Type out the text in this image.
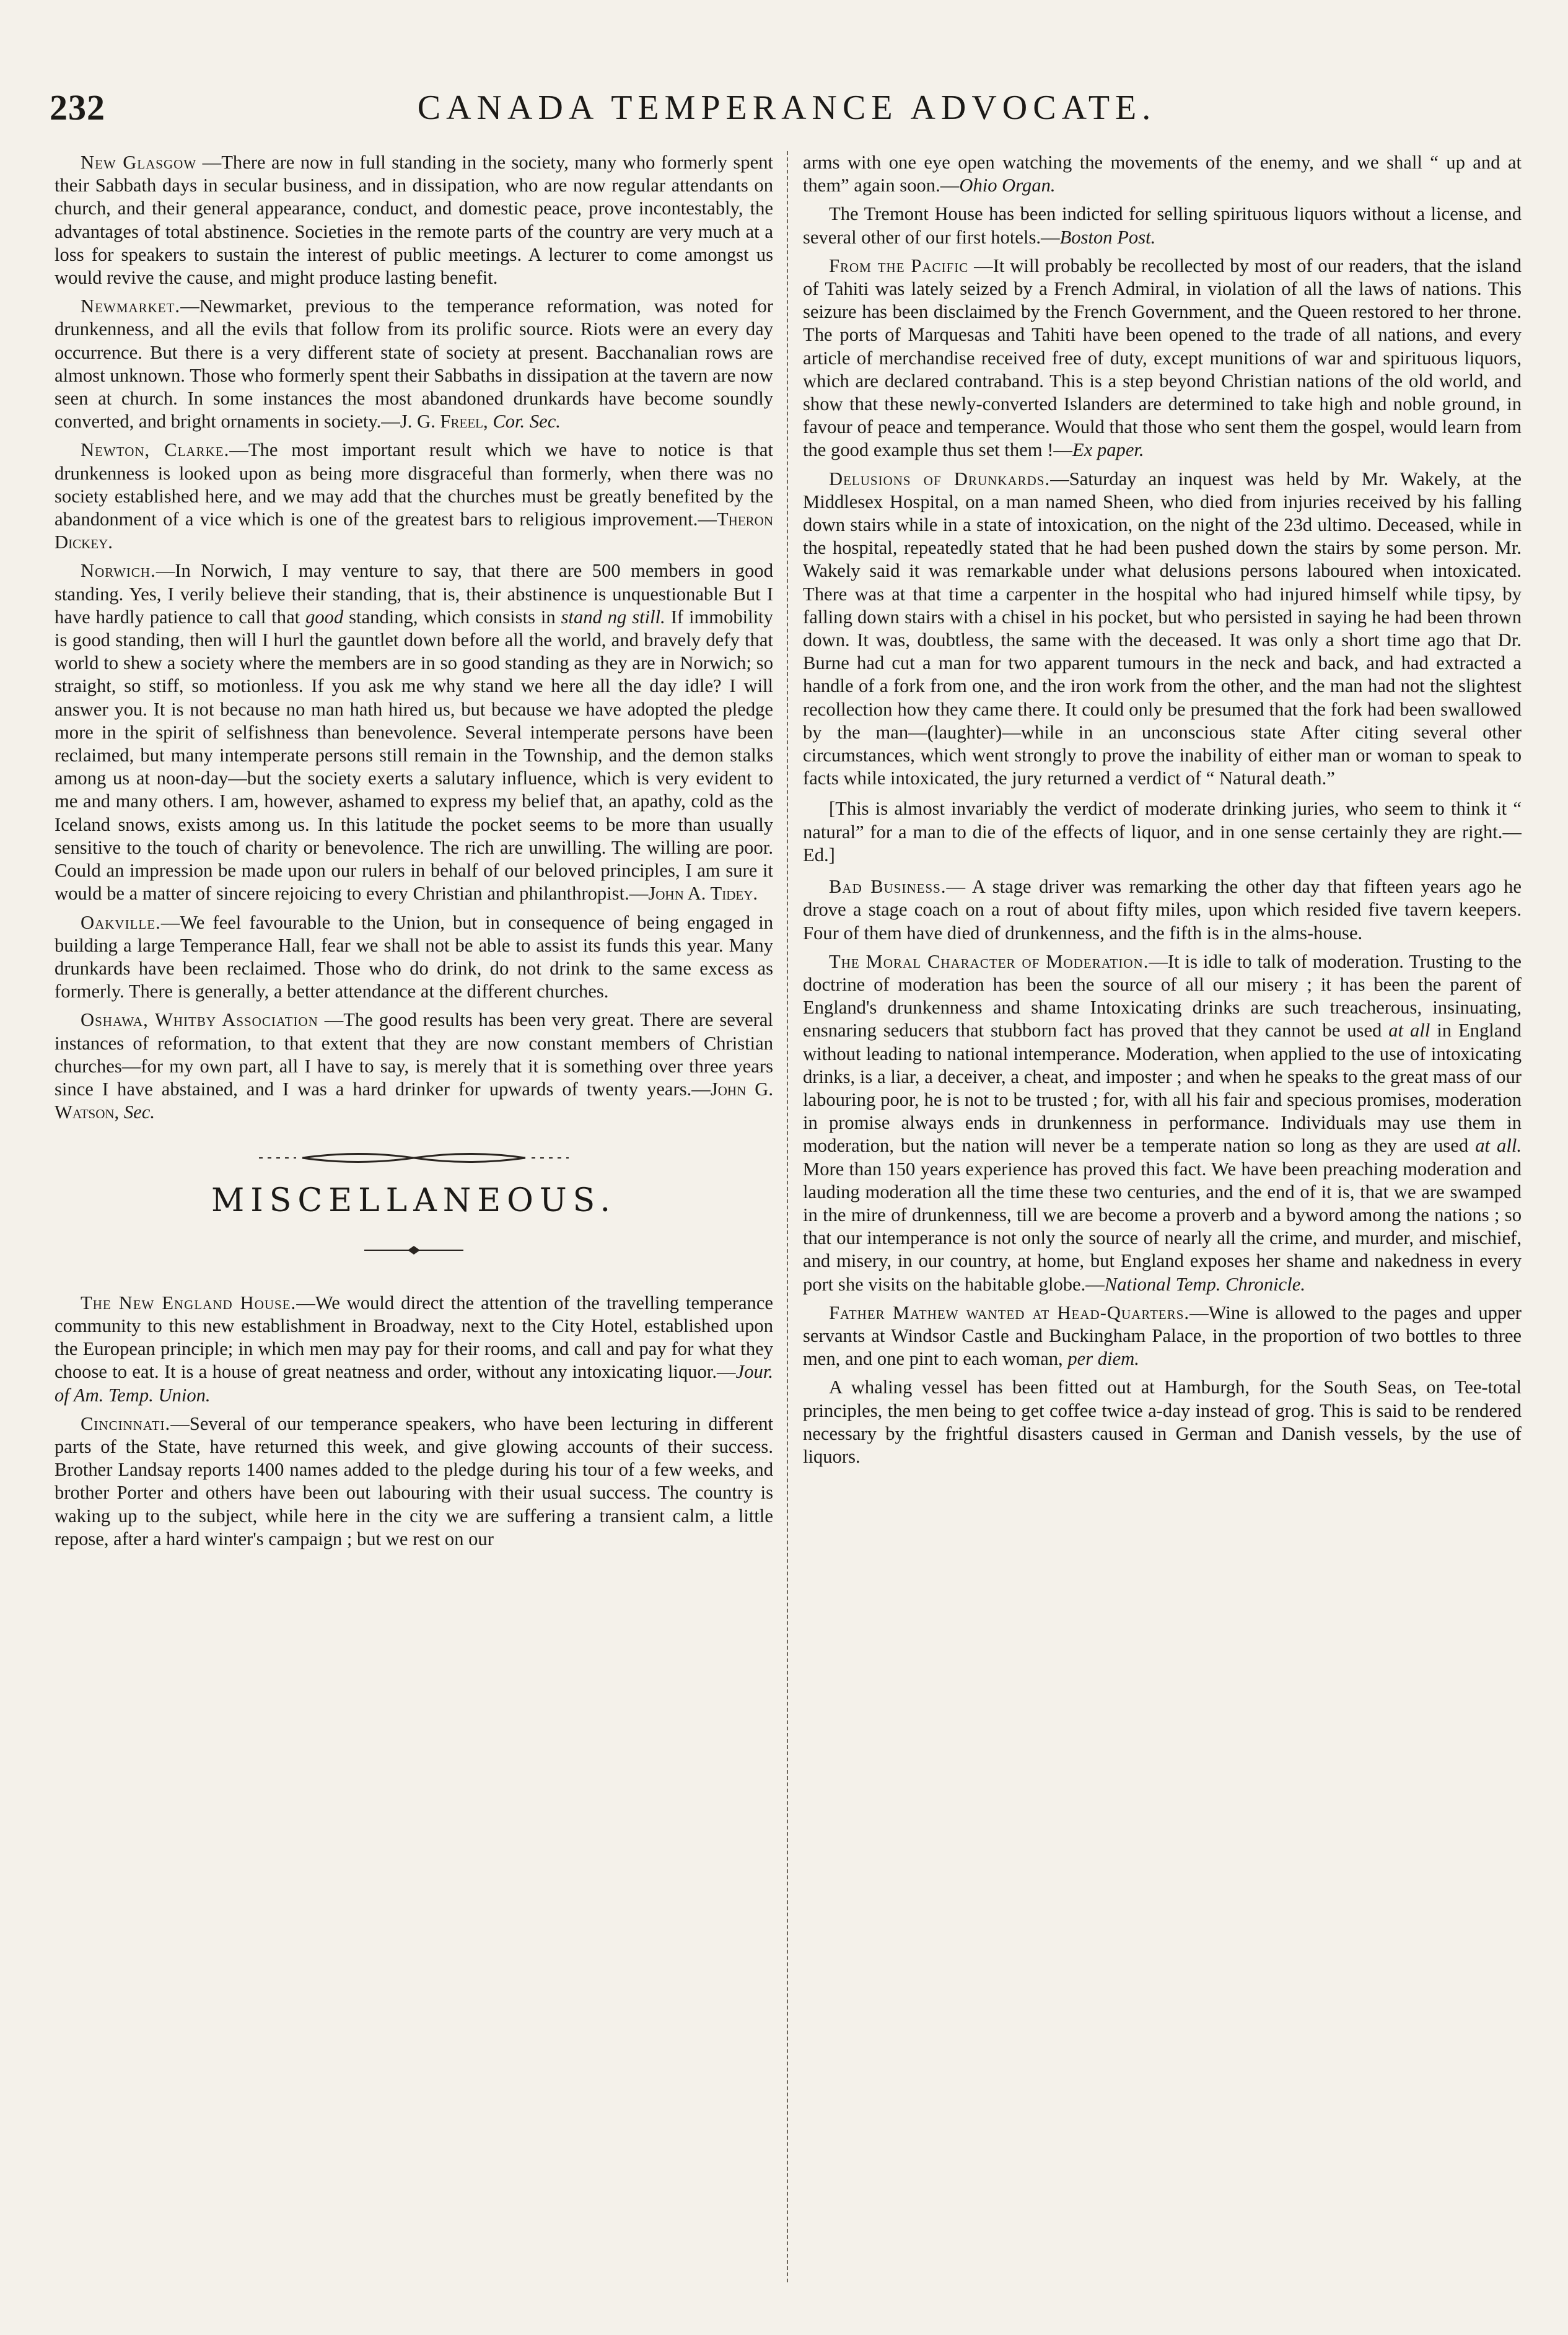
232	CANADA TEMPERANCE ADVOCATE.

New Glasgow —There are now in full standing in the society, many who formerly spent their Sabbath days in secular business, and in dissipation, who are now regular attendants on church, and their general appearance, conduct, and domestic peace, prove incontestably, the advantages of total abstinence. Societies in the remote parts of the country are very much at a loss for speakers to sustain the interest of public meetings. A lecturer to come amongst us would revive the cause, and might produce lasting benefit.

Newmarket.—Newmarket, previous to the temperance reformation, was noted for drunkenness, and all the evils that follow from its prolific source. Riots were an every day occurrence. But there is a very different state of society at present. Bacchanalian rows are almost unknown. Those who formerly spent their Sabbaths in dissipation at the tavern are now seen at church. In some instances the most abandoned drunkards have become soundly converted, and bright ornaments in society.—J. G. Freel, Cor. Sec.

Newton, Clarke.—The most important result which we have to notice is that drunkenness is looked upon as being more disgraceful than formerly, when there was no society established here, and we may add that the churches must be greatly benefited by the abandonment of a vice which is one of the greatest bars to religious improvement.—Theron Dickey.

Norwich.—In Norwich, I may venture to say, that there are 500 members in good standing. Yes, I verily believe their standing, that is, their abstinence is unquestionable But I have hardly patience to call that good standing, which consists in stand ng still. If immobility is good standing, then will I hurl the gauntlet down before all the world, and bravely defy that world to shew a society where the members are in so good standing as they are in Norwich; so straight, so stiff, so motionless. If you ask me why stand we here all the day idle? I will answer you. It is not because no man hath hired us, but because we have adopted the pledge more in the spirit of selfishness than benevolence. Several intemperate persons have been reclaimed, but many intemperate persons still remain in the Township, and the demon stalks among us at noon-day—but the society exerts a salutary influence, which is very evident to me and many others. I am, however, ashamed to express my belief that, an apathy, cold as the Iceland snows, exists among us. In this latitude the pocket seems to be more than usually sensitive to the touch of charity or benevolence. The rich are unwilling. The willing are poor. Could an impression be made upon our rulers in behalf of our beloved principles, I am sure it would be a matter of sincere rejoicing to every Christian and philanthropist.—John A. Tidey.

Oakville.—We feel favourable to the Union, but in consequence of being engaged in building a large Temperance Hall, fear we shall not be able to assist its funds this year. Many drunkards have been reclaimed. Those who do drink, do not drink to the same excess as formerly. There is generally, a better attendance at the different churches.

Oshawa, Whitby Association —The good results has been very great. There are several instances of reformation, to that extent that they are now constant members of Christian churches—for my own part, all I have to say, is merely that it is something over three years since I have abstained, and I was a hard drinker for upwards of twenty years.—John G. Watson, Sec.

MISCELLANEOUS.

The New England House.—We would direct the attention of the travelling temperance community to this new establishment in Broadway, next to the City Hotel, established upon the European principle; in which men may pay for their rooms, and call and pay for what they choose to eat. It is a house of great neatness and order, without any intoxicating liquor.—Jour. of Am. Temp. Union.

Cincinnati.—Several of our temperance speakers, who have been lecturing in different parts of the State, have returned this week, and give glowing accounts of their success. Brother Landsay reports 1400 names added to the pledge during his tour of a few weeks, and brother Porter and others have been out labouring with their usual success. The country is waking up to the subject, while here in the city we are suffering a transient calm, a little repose, after a hard winter's campaign ; but we rest on our

arms with one eye open watching the movements of the enemy, and we shall “ up and at them” again soon.—Ohio Organ.

The Tremont House has been indicted for selling spirituous liquors without a license, and several other of our first hotels.—Boston Post.

From the Pacific —It will probably be recollected by most of our readers, that the island of Tahiti was lately seized by a French Admiral, in violation of all the laws of nations. This seizure has been disclaimed by the French Government, and the Queen restored to her throne. The ports of Marquesas and Tahiti have been opened to the trade of all nations, and every article of merchandise received free of duty, except munitions of war and spirituous liquors, which are declared contraband. This is a step beyond Christian nations of the old world, and show that these newly-converted Islanders are determined to take high and noble ground, in favour of peace and temperance. Would that those who sent them the gospel, would learn from the good example thus set them !—Ex paper.

Delusions of Drunkards.—Saturday an inquest was held by Mr. Wakely, at the Middlesex Hospital, on a man named Sheen, who died from injuries received by his falling down stairs while in a state of intoxication, on the night of the 23d ultimo. Deceased, while in the hospital, repeatedly stated that he had been pushed down the stairs by some person. Mr. Wakely said it was remarkable under what delusions persons laboured when intoxicated. There was at that time a carpenter in the hospital who had injured himself while tipsy, by falling down stairs with a chisel in his pocket, but who persisted in saying he had been thrown down. It was, doubtless, the same with the deceased. It was only a short time ago that Dr. Burne had cut a man for two apparent tumours in the neck and back, and had extracted a handle of a fork from one, and the iron work from the other, and the man had not the slightest recollection how they came there. It could only be presumed that the fork had been swallowed by the man—(laughter)—while in an unconscious state After citing several other circumstances, which went strongly to prove the inability of either man or woman to speak to facts while intoxicated, the jury returned a verdict of “ Natural death.”

[This is almost invariably the verdict of moderate drinking juries, who seem to think it “ natural” for a man to die of the effects of liquor, and in one sense certainly they are right.—Ed.]

Bad Business.— A stage driver was remarking the other day that fifteen years ago he drove a stage coach on a rout of about fifty miles, upon which resided five tavern keepers. Four of them have died of drunkenness, and the fifth is in the alms-house.

The Moral Character of Moderation.—It is idle to talk of moderation. Trusting to the doctrine of moderation has been the source of all our misery ; it has been the parent of England's drunkenness and shame Intoxicating drinks are such treacherous, insinuating, ensnaring seducers that stubborn fact has proved that they cannot be used at all in England without leading to national intemperance. Moderation, when applied to the use of intoxicating drinks, is a liar, a deceiver, a cheat, and imposter ; and when he speaks to the great mass of our labouring poor, he is not to be trusted ; for, with all his fair and specious promises, moderation in promise always ends in drunkenness in performance. Individuals may use them in moderation, but the nation will never be a temperate nation so long as they are used at all. More than 150 years experience has proved this fact. We have been preaching moderation and lauding moderation all the time these two centuries, and the end of it is, that we are swamped in the mire of drunkenness, till we are become a proverb and a byword among the nations ; so that our intemperance is not only the source of nearly all the crime, and murder, and mischief, and misery, in our country, at home, but England exposes her shame and nakedness in every port she visits on the habitable globe.—National Temp. Chronicle.

Father Mathew wanted at Head-Quarters.—Wine is allowed to the pages and upper servants at Windsor Castle and Buckingham Palace, in the proportion of two bottles to three men, and one pint to each woman, per diem.

A whaling vessel has been fitted out at Hamburgh, for the South Seas, on Tee-total principles, the men being to get coffee twice a-day instead of grog. This is said to be rendered necessary by the frightful disasters caused in German and Danish vessels, by the use of liquors.
